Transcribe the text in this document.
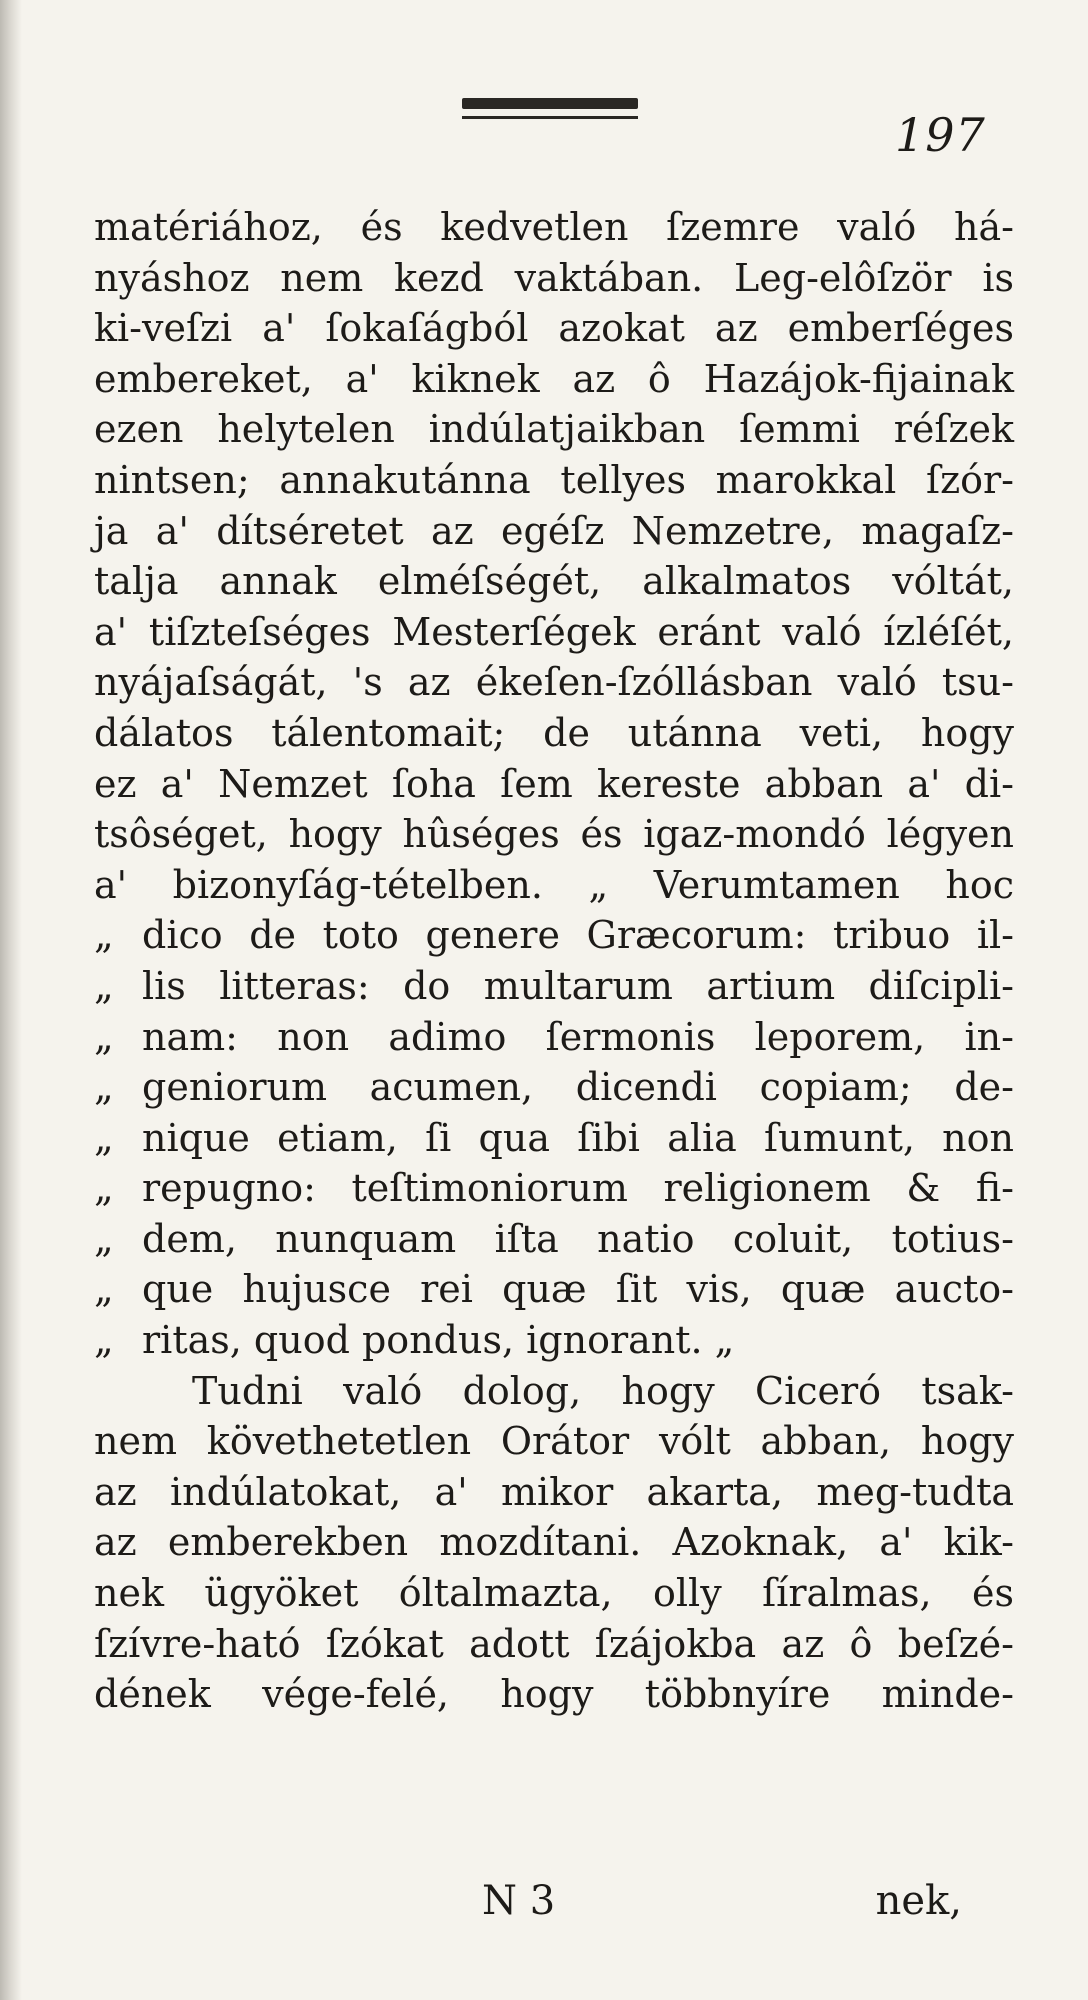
197
matériához, és kedvetlen ſzemre való há-
nyáshoz nem kezd vaktában. Leg-elôſzör is
ki-veſzi a' ſokaſágból azokat az emberſéges
embereket, a' kiknek az ô Hazájok-fijainak
ezen helytelen indúlatjaikban ſemmi réſzek
nintsen; annakutánna tellyes marokkal ſzór-
ja a' dítséretet az egéſz Nemzetre, magaſz-
talja annak elméſségét, alkalmatos vóltát,
a' tiſzteſséges Mesterſégek eránt való ízléſét,
nyájaſságát, 's az ékeſen-ſzóllásban való tsu-
dálatos tálentomait; de utánna veti, hogy
ez a' Nemzet ſoha ſem kereste abban a' di-
tsôséget, hogy hûséges és igaz-mondó légyen
a' bizonyſág-tételben. „ Verumtamen hoc
„ dico de toto genere Græcorum: tribuo il-
„ lis litteras: do multarum artium diſcipli-
„ nam: non adimo ſermonis leporem, in-
„ geniorum acumen, dicendi copiam; de-
„ nique etiam, ſi qua ſibi alia ſumunt, non
„ repugno: teſtimoniorum religionem & fi-
„ dem, nunquam iſta natio coluit, totius-
„ que hujusce rei quæ ſit vis, quæ aucto-
„ ritas, quod pondus, ignorant. „
Tudni való dolog, hogy Ciceró tsak-
nem követhetetlen Orátor vólt abban, hogy
az indúlatokat, a' mikor akarta, meg-tudta
az emberekben mozdítani. Azoknak, a' kik-
nek ügyöket óltalmazta, olly ſíralmas, és
ſzívre-ható ſzókat adott ſzájokba az ô beſzé-
dének vége-felé, hogy többnyíre minde-
N 3	nek,
